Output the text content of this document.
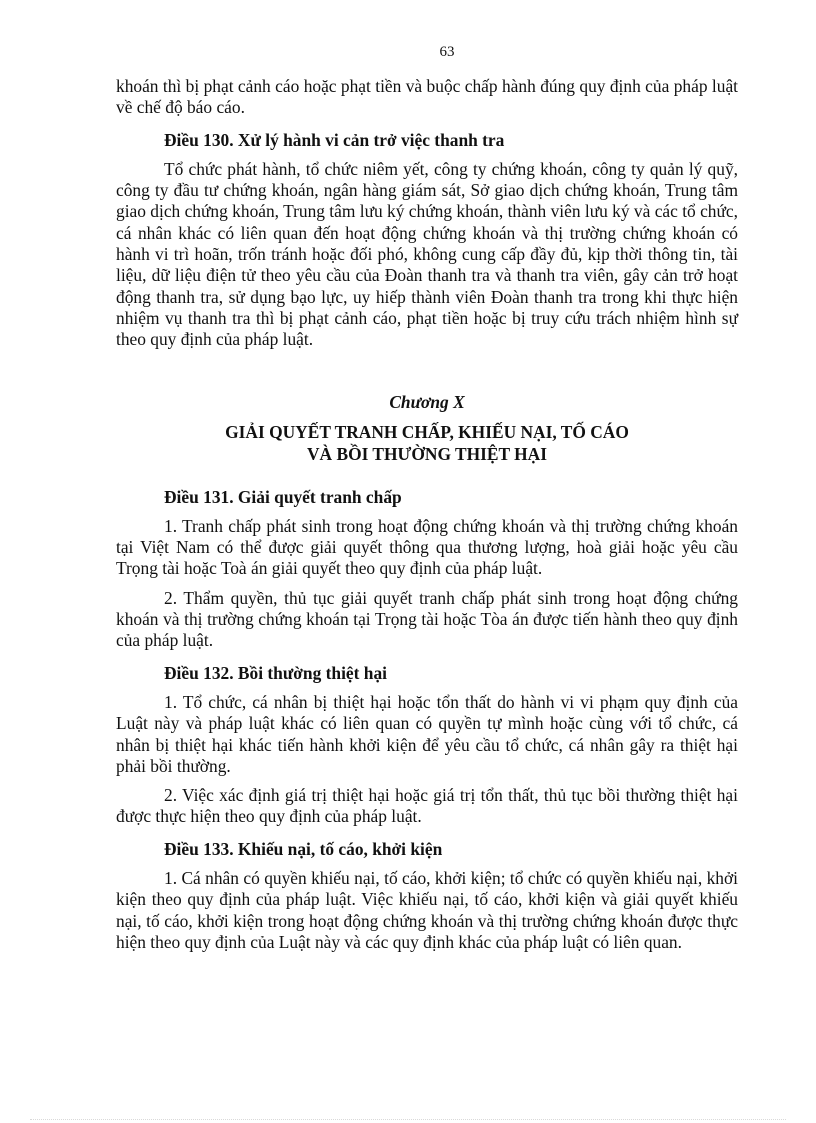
63

khoán thì bị phạt cảnh cáo hoặc phạt tiền và buộc chấp hành đúng quy định của pháp luật về chế độ báo cáo.

Điều 130. Xử lý hành vi cản trở việc thanh tra

Tổ chức phát hành, tổ chức niêm yết, công ty chứng khoán, công ty quản lý quỹ, công ty đầu tư chứng khoán, ngân hàng giám sát, Sở giao dịch chứng khoán, Trung tâm giao dịch chứng khoán, Trung tâm lưu ký chứng khoán, thành viên lưu ký và các tổ chức, cá nhân khác có liên quan đến hoạt động chứng khoán và thị trường chứng khoán có hành vi trì hoãn, trốn tránh hoặc đối phó, không cung cấp đầy đủ, kịp thời thông tin, tài liệu, dữ liệu điện tử theo yêu cầu của Đoàn thanh tra và thanh tra viên, gây cản trở hoạt động thanh tra, sử dụng bạo lực, uy hiếp thành viên Đoàn thanh tra trong khi thực hiện nhiệm vụ thanh tra thì bị phạt cảnh cáo, phạt tiền hoặc bị truy cứu trách nhiệm hình sự theo quy định của pháp luật.

Chương X
GIẢI QUYẾT TRANH CHẤP, KHIẾU NẠI, TỐ CÁO
VÀ BỒI THƯỜNG THIỆT HẠI
Điều 131. Giải quyết tranh chấp

1. Tranh chấp phát sinh trong hoạt động chứng khoán và thị trường chứng khoán tại Việt Nam có thể được giải quyết thông qua thương lượng, hoà giải hoặc yêu cầu Trọng tài hoặc Toà án giải quyết theo quy định của pháp luật.

2. Thẩm quyền, thủ tục giải quyết tranh chấp phát sinh trong hoạt động chứng khoán và thị trường chứng khoán tại Trọng tài hoặc Tòa án được tiến hành theo quy định của pháp luật.

Điều 132. Bồi thường thiệt hại

1. Tổ chức, cá nhân bị thiệt hại hoặc tổn thất do hành vi vi phạm quy định của Luật này và pháp luật khác có liên quan có quyền tự mình hoặc cùng với tổ chức, cá nhân bị thiệt hại khác tiến hành khởi kiện để yêu cầu tổ chức, cá nhân gây ra thiệt hại phải bồi thường.

2. Việc xác định giá trị thiệt hại hoặc giá trị tổn thất, thủ tục bồi thường thiệt hại được thực hiện theo quy định của pháp luật.

Điều 133. Khiếu nại, tố cáo, khởi kiện

1. Cá nhân có quyền khiếu nại, tố cáo, khởi kiện; tổ chức có quyền khiếu nại, khởi kiện theo quy định của pháp luật. Việc khiếu nại, tố cáo, khởi kiện và giải quyết khiếu nại, tố cáo, khởi kiện trong hoạt động chứng khoán và thị trường chứng khoán được thực hiện theo quy định của Luật này và các quy định khác của pháp luật có liên quan.
